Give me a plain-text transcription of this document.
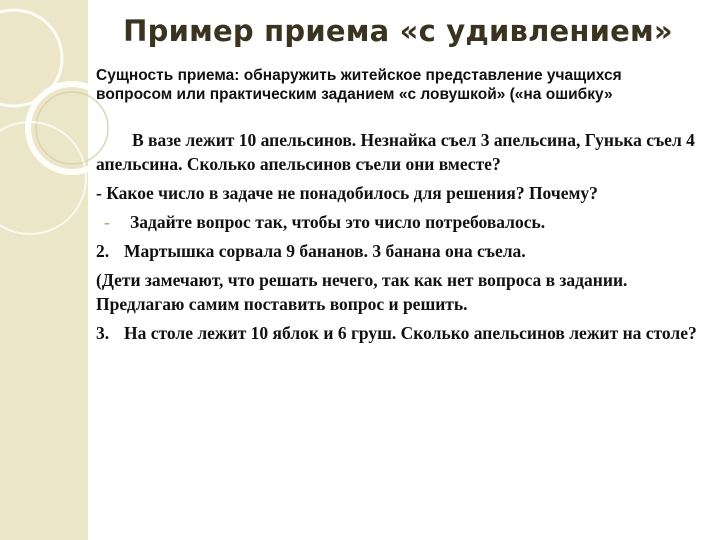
Пример приема «с удивлением»
Сущность приема: обнаружить житейское представление учащихся вопросом или практическим заданием «с ловушкой» («на ошибку»

В вазе лежит 10 апельсинов. Незнайка съел 3 апельсина, Гунька съел 4 апельсина. Сколько апельсинов съели они вместе?

- Какое число в задаче не понадобилось для решения? Почему?

- Задайте вопрос так, чтобы это число потребовалось.

2. Мартышка сорвала 9 бананов. 3 банана она съела.

(Дети замечают, что решать нечего, так как нет вопроса в задании. Предлагаю самим поставить вопрос и решить.

3. На столе лежит 10 яблок и 6 груш. Сколько апельсинов лежит на столе?
